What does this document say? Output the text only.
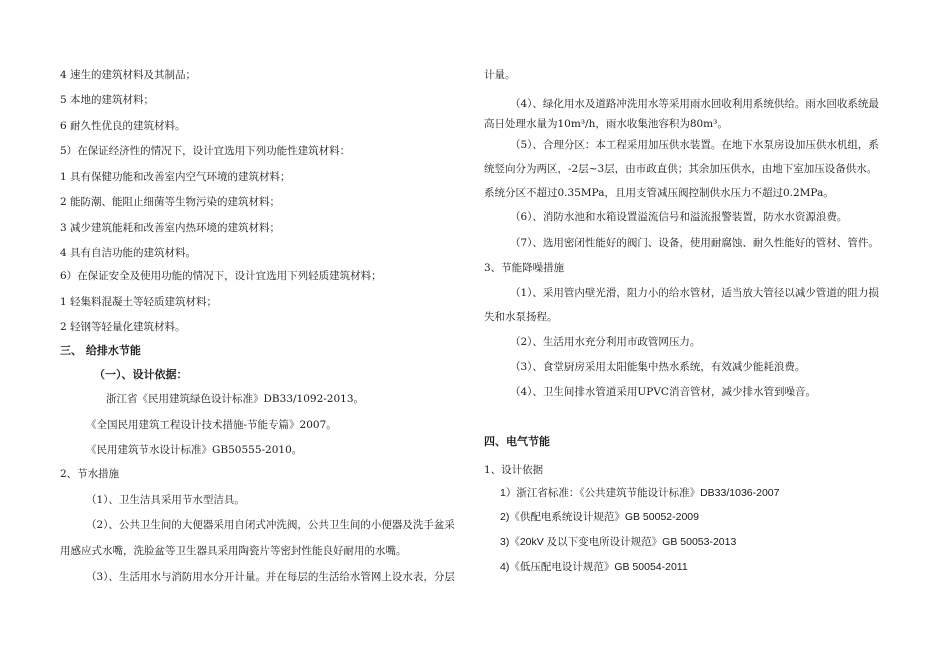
4 速生的建筑材料及其制品；
5 本地的建筑材料；
6 耐久性优良的建筑材料。
5）在保证经济性的情况下，设计宜选用下列功能性建筑材料：
1 具有保健功能和改善室内空气环境的建筑材料；
2 能防潮、能阻止细菌等生物污染的建筑材料；
3 减少建筑能耗和改善室内热环境的建筑材料；
4 具有自洁功能的建筑材料。
6）在保证安全及使用功能的情况下，设计宜选用下列轻质建筑材料；
1 轻集料混凝土等轻质建筑材料；
2 轻钢等轻量化建筑材料。
三、 给排水节能
（一）、设计依据：
浙江省《民用建筑绿色设计标准》DB33/1092-2013。
《全国民用建筑工程设计技术措施-节能专篇》2007。
《民用建筑节水设计标准》GB50555-2010。
2、节水措施
（1）、卫生洁具采用节水型洁具。
（2）、公共卫生间的大便器采用自闭式冲洗阀，公共卫生间的小便器及洗手盆采
用感应式水嘴，洗脸盆等卫生器具采用陶瓷片等密封性能良好耐用的水嘴。
（3）、生活用水与消防用水分开计量。并在每层的生活给水管网上设水表，分层
计量。
（4）、绿化用水及道路冲洗用水等采用雨水回收利用系统供给。雨水回收系统最
高日处理水量为10m³/h，雨水收集池容积为80m³。
（5）、合理分区：本工程采用加压供水装置。在地下水泵房设加压供水机组，系
统竖向分为两区，-2层~3层，由市政直供；其余加压供水，由地下室加压设备供水。
系统分区不超过0.35MPa，且用支管减压阀控制供水压力不超过0.2MPa。
（6）、消防水池和水箱设置溢流信号和溢流报警装置，防水水资源浪费。
（7）、选用密闭性能好的阀门、设备，使用耐腐蚀、耐久性能好的管材、管件。
3、节能降噪措施
（1）、采用管内壁光滑，阻力小的给水管材，适当放大管径以减少管道的阻力损
失和水泵扬程。
（2）、生活用水充分利用市政管网压力。
（3）、食堂厨房采用太阳能集中热水系统，有效减少能耗浪费。
（4）、卫生间排水管道采用UPVC消音管材，减少排水管到噪音。
四、电气节能
1、设计依据
1）浙江省标准：《公共建筑节能设计标准》DB33/1036-2007
2)《供配电系统设计规范》GB 50052-2009
3)《20kV 及以下变电所设计规范》GB 50053-2013
4)《低压配电设计规范》GB 50054-2011
